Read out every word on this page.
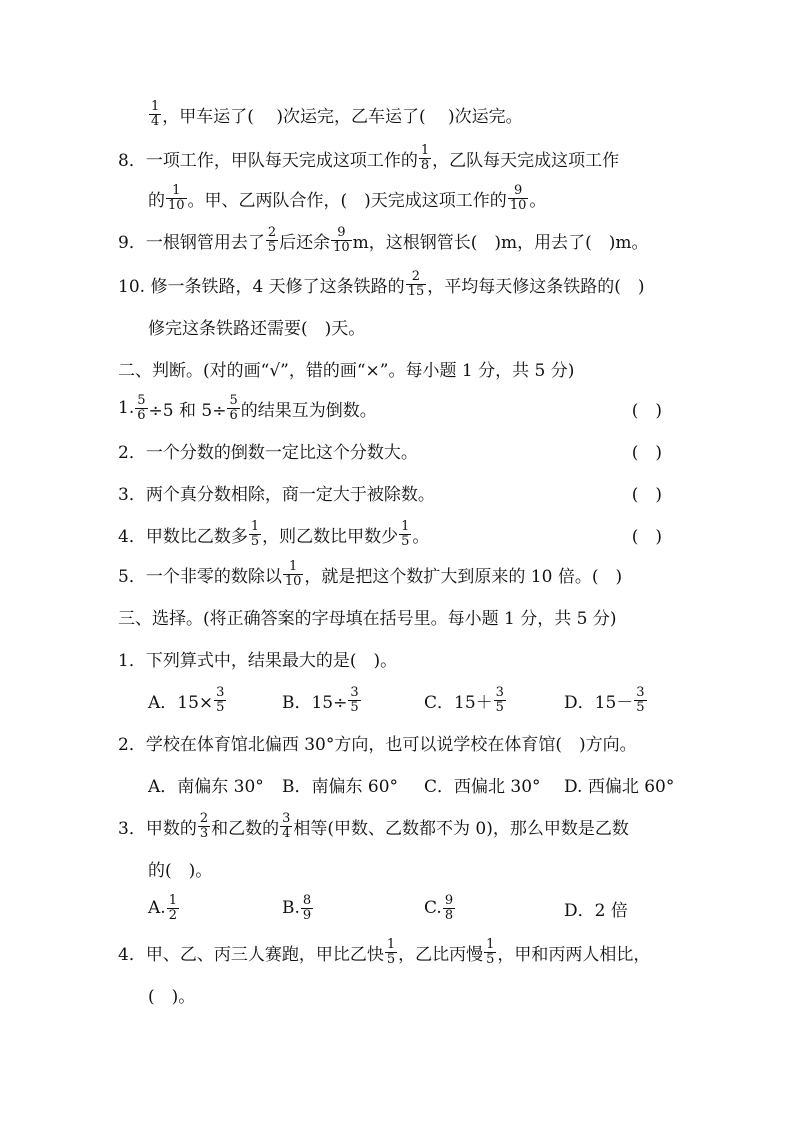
1
4 ，甲车运了(　 )次运完，乙车运了(　 )次运完。
8．一项工作，甲队每天完成这项工作的
1
8 ，乙队每天完成这项工作
的
1
10 。甲、乙两队合作，(　)天完成这项工作的
9
10 。
9．一根钢管用去了
2
5 后还余
9
10 m，这根钢管长(　)m，用去了(　)m。
10. 修一条铁路，4 天修了这条铁路的
2
15 ，平均每天修这条铁路的(　)
修完这条铁路还需要(　)天。
二、判断。(对的画“√”，错的画“×”。每小题 1 分，共 5 分)
1. $\frac{5}{6} \div 5$ 和 $5\div \frac{5}{6}$ 的结果互为倒数。	(　)
2．一个分数的倒数一定比这个分数大。	(　)
3．两个真分数相除，商一定大于被除数。	(　)
4．甲数比乙数多
1
5 ，则乙数比甲数少
1
5 。	(　)
5．一个非零的数除以
1
10 ，就是把这个数扩大到原来的 10 倍。 (　)
三、选择。(将正确答案的字母填在括号里。每小题 1 分，共 5 分)
1．下列算式中，结果最大的是(　)。
A．$15\times \frac{3}{5}$	B．$15\div \frac{3}{5}$	C．15＋
3
5	D．15－
3
5
2．学校在体育馆北偏西 30°方向，也可以说学校在体育馆(　)方向。
A．南偏东 30° B．南偏东 60° C．西偏北 30° D. 西偏北 60°
3．甲数的
2
3 和乙数的
3
4 相等(甲数、乙数都不为 0)，那么甲数是乙数
的(　)。
A. 1
2	B. 8
9	C. 9
8	D．2 倍
4．甲、乙、丙三人赛跑，甲比乙快
1
5 ，乙比丙慢
1
5 ，甲和丙两人相比，
(　)。
